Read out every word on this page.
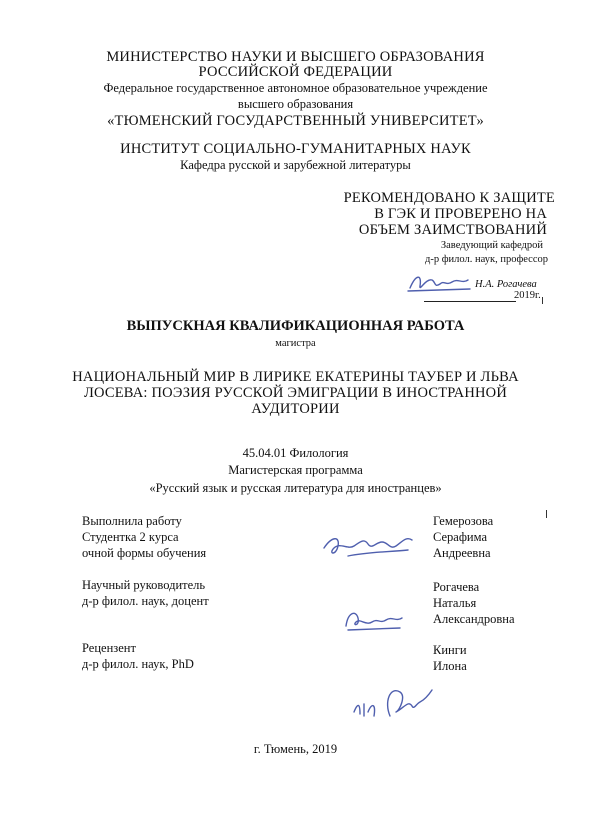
МИНИСТЕРСТВО НАУКИ И ВЫСШЕГО ОБРАЗОВАНИЯ
РОССИЙСКОЙ ФЕДЕРАЦИИ
Федеральное государственное автономное образовательное учреждение
высшего образования
«ТЮМЕНСКИЙ ГОСУДАРСТВЕННЫЙ УНИВЕРСИТЕТ»
ИНСТИТУТ СОЦИАЛЬНО-ГУМАНИТАРНЫХ НАУК
Кафедра русской и зарубежной литературы
РЕКОМЕНДОВАНО К ЗАЩИТЕ
В ГЭК И ПРОВЕРЕНО НА
ОБЪЕМ ЗАИМСТВОВАНИЙ
Заведующий кафедрой
д-р филол. наук, профессор
Н.А. Рогачева
2019г.
ВЫПУСКНАЯ КВАЛИФИКАЦИОННАЯ РАБОТА
магистра
НАЦИОНАЛЬНЫЙ МИР В ЛИРИКЕ ЕКАТЕРИНЫ ТАУБЕР И ЛЬВА
ЛОСЕВА: ПОЭЗИЯ РУССКОЙ ЭМИГРАЦИИ В ИНОСТРАННОЙ
АУДИТОРИИ
45.04.01 Филология
Магистерская программа
«Русский язык и русская литература для иностранцев»
Выполнила работу
Студентка 2 курса
очной формы обучения
Гемерозова
Серафима
Андреевна
Научный руководитель
д-р филол. наук, доцент
Рогачева
Наталья
Александровна
Рецензент
д-р филол. наук, PhD
Кинги
Илона
г. Тюмень, 2019
